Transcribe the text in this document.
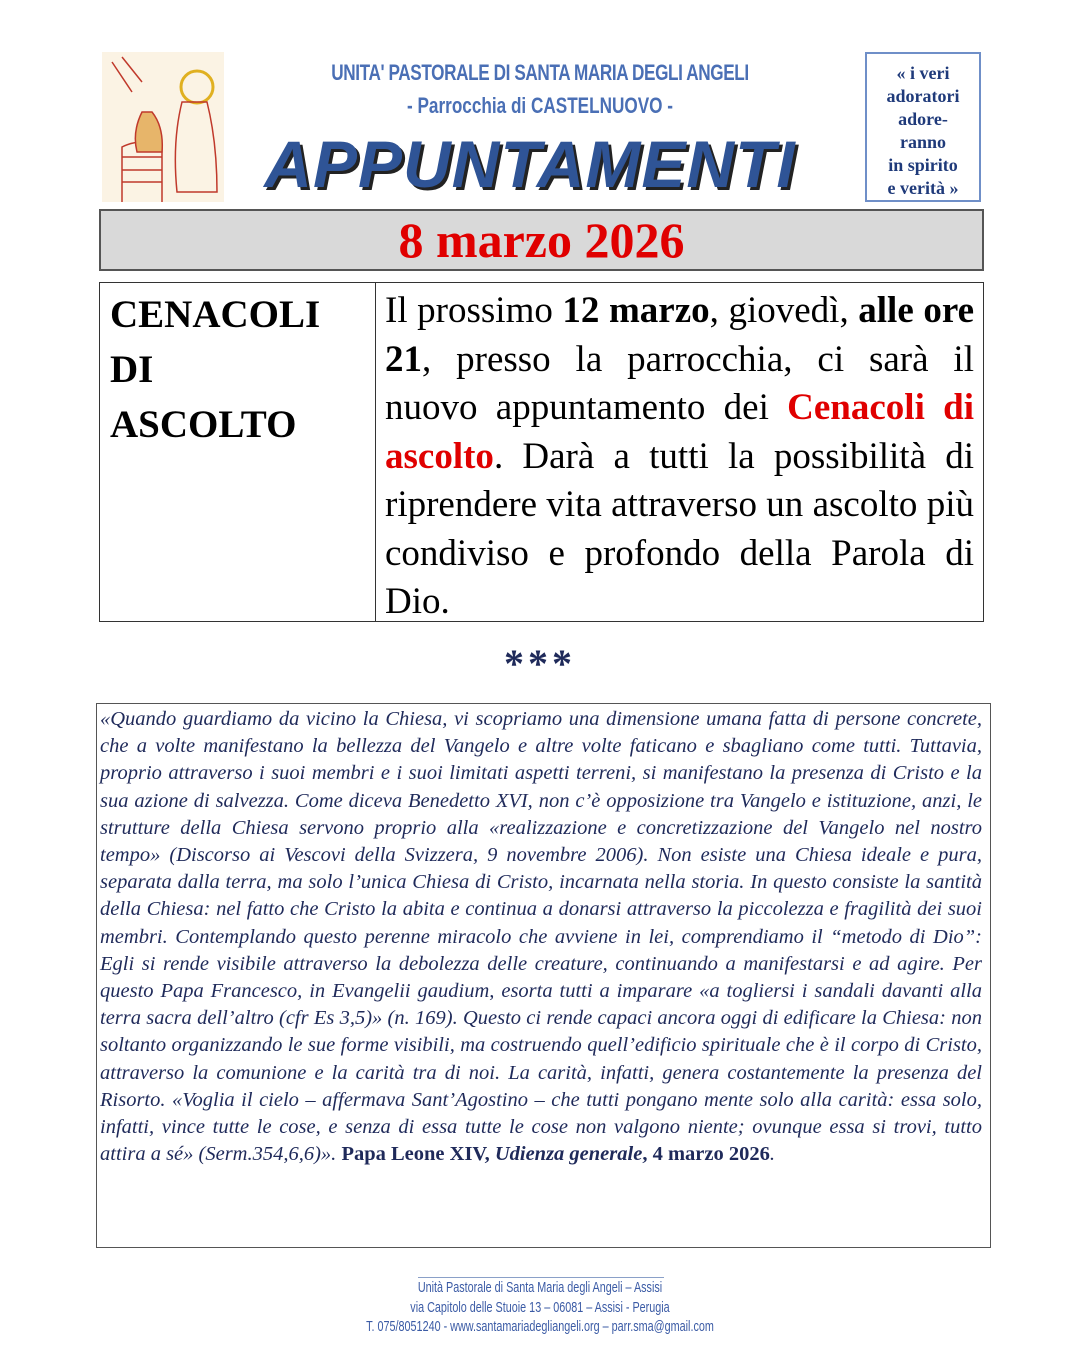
UNITA' PASTORALE DI SANTA MARIA DEGLI ANGELI
- Parrocchia di CASTELNUOVO -
APPUNTAMENTI
« i veri
adoratori
adore-
ranno
in spirito
e verità »
8 marzo 2026
CENACOLI
DI
ASCOLTO
Il prossimo 12 marzo, giovedì, alle ore 21, presso la parrocchia, ci sarà il nuovo appuntamento dei Cenacoli di ascolto. Darà a tutti la possibilità di riprendere vita attraverso un ascolto più condiviso e profondo della Parola di Dio.
***
«Quando guardiamo da vicino la Chiesa, vi scopriamo una dimensione umana fatta di persone concrete, che a volte manifestano la bellezza del Vangelo e altre volte faticano e sbagliano come tutti. Tuttavia, proprio attraverso i suoi membri e i suoi limitati aspetti terreni, si manifestano la presenza di Cristo e la sua azione di salvezza. Come diceva Benedetto XVI, non c’è opposizione tra Vangelo e istituzione, anzi, le strutture della Chiesa servono proprio alla «realizzazione e concretizzazione del Vangelo nel nostro tempo» (Discorso ai Vescovi della Svizzera, 9 novembre 2006). Non esiste una Chiesa ideale e pura, separata dalla terra, ma solo l’unica Chiesa di Cristo, incarnata nella storia. In questo consiste la santità della Chiesa: nel fatto che Cristo la abita e continua a donarsi attraverso la piccolezza e fragilità dei suoi membri. Contemplando questo perenne miracolo che avviene in lei, comprendiamo il “metodo di Dio”: Egli si rende visibile attraverso la debolezza delle creature, continuando a manifestarsi e ad agire. Per questo Papa Francesco, in Evangelii gaudium, esorta tutti a imparare «a togliersi i sandali davanti alla terra sacra dell’altro (cfr Es 3,5)» (n. 169). Questo ci rende capaci ancora oggi di edificare la Chiesa: non soltanto organizzando le sue forme visibili, ma costruendo quell’edificio spirituale che è il corpo di Cristo, attraverso la comunione e la carità tra di noi. La carità, infatti, genera costantemente la presenza del Risorto. «Voglia il cielo – affermava Sant’Agostino – che tutti pongano mente solo alla carità: essa solo, infatti, vince tutte le cose, e senza di essa tutte le cose non valgono niente; ovunque essa si trovi, tutto attira a sé» (Serm.354,6,6)». Papa Leone XIV, Udienza generale, 4 marzo 2026.
Unità Pastorale di Santa Maria degli Angeli – Assisi
via Capitolo delle Stuoie 13 – 06081 – Assisi - Perugia
T. 075/8051240 - www.santamariadegliangeli.org – parr.sma@gmail.com
